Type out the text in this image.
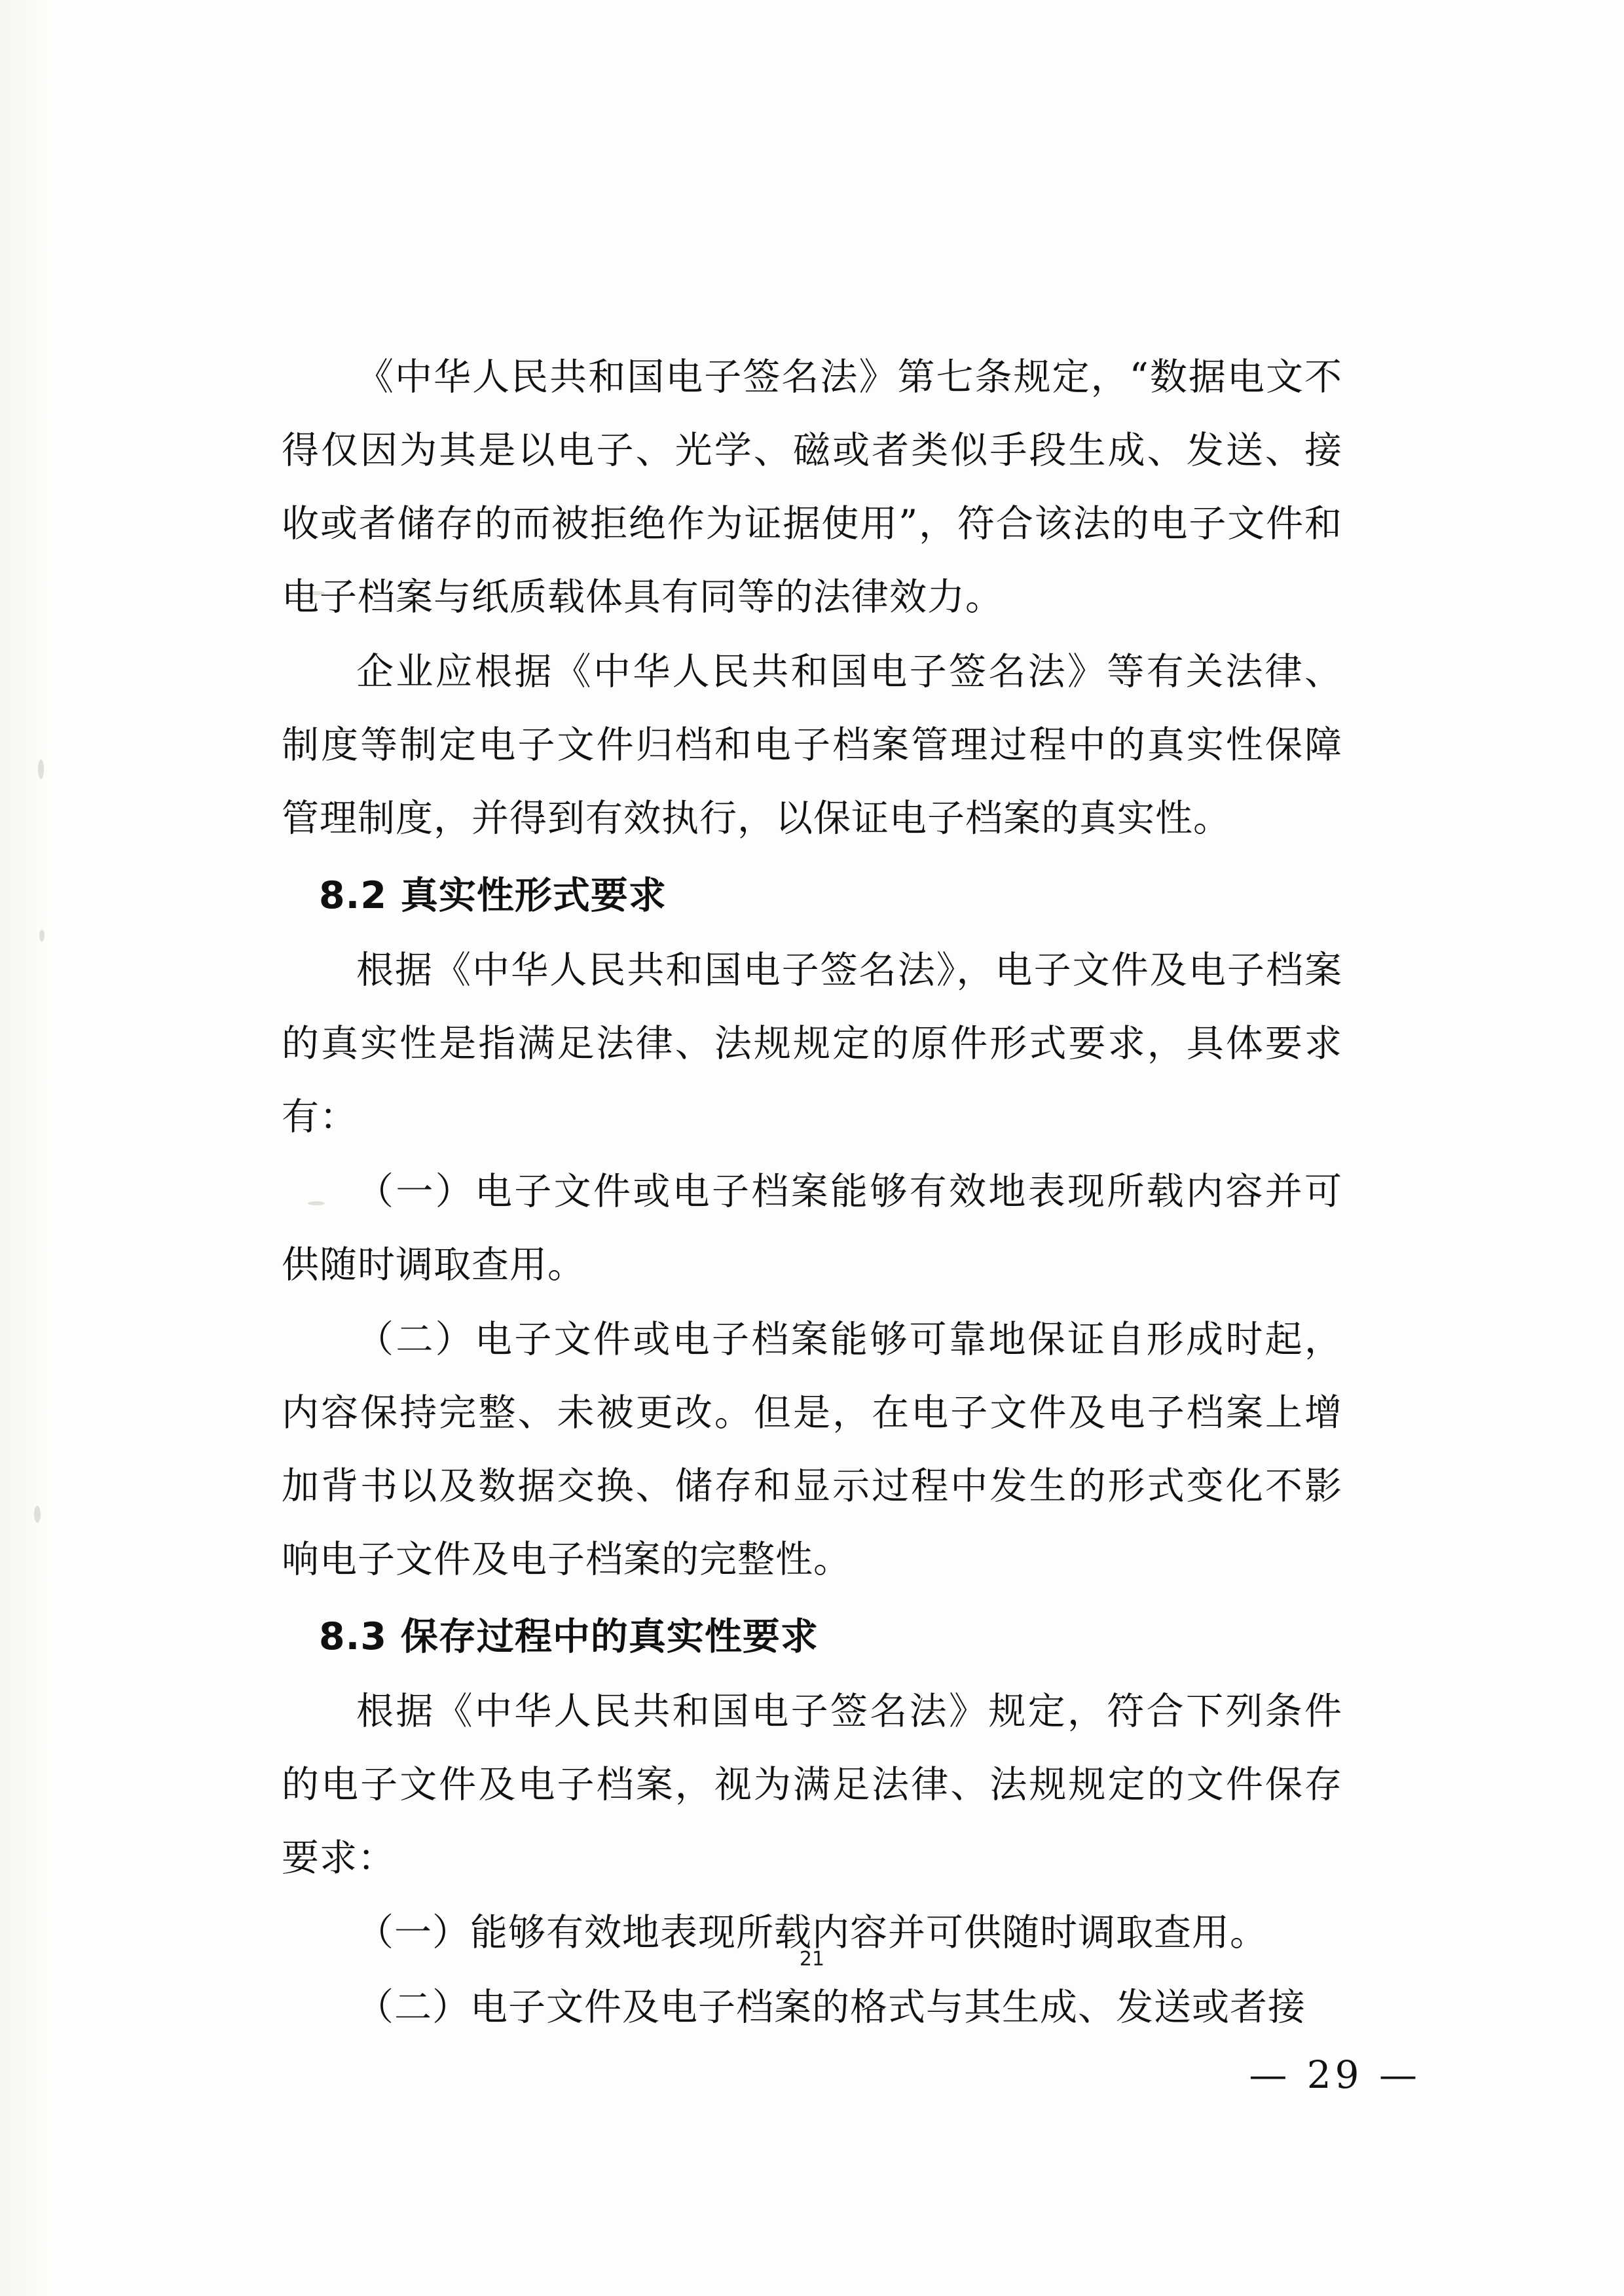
《中华人民共和国电子签名法》第七条规定，“数据电文不得仅因为其是以电子、光学、磁或者类似手段生成、发送、接收或者储存的而被拒绝作为证据使用”，符合该法的电子文件和电子档案与纸质载体具有同等的法律效力。

企业应根据《中华人民共和国电子签名法》等有关法律、制度等制定电子文件归档和电子档案管理过程中的真实性保障管理制度，并得到有效执行，以保证电子档案的真实性。

8.2 真实性形式要求

根据《中华人民共和国电子签名法》，电子文件及电子档案的真实性是指满足法律、法规规定的原件形式要求，具体要求有：

（一）电子文件或电子档案能够有效地表现所载内容并可供随时调取查用。

（二）电子文件或电子档案能够可靠地保证自形成时起，内容保持完整、未被更改。但是，在电子文件及电子档案上增加背书以及数据交换、储存和显示过程中发生的形式变化不影响电子文件及电子档案的完整性。

8.3 保存过程中的真实性要求

根据《中华人民共和国电子签名法》规定，符合下列条件的电子文件及电子档案，视为满足法律、法规规定的文件保存要求：

（一）能够有效地表现所载内容并可供随时调取查用。

（二）电子文件及电子档案的格式与其生成、发送或者接

21
— 29 —
